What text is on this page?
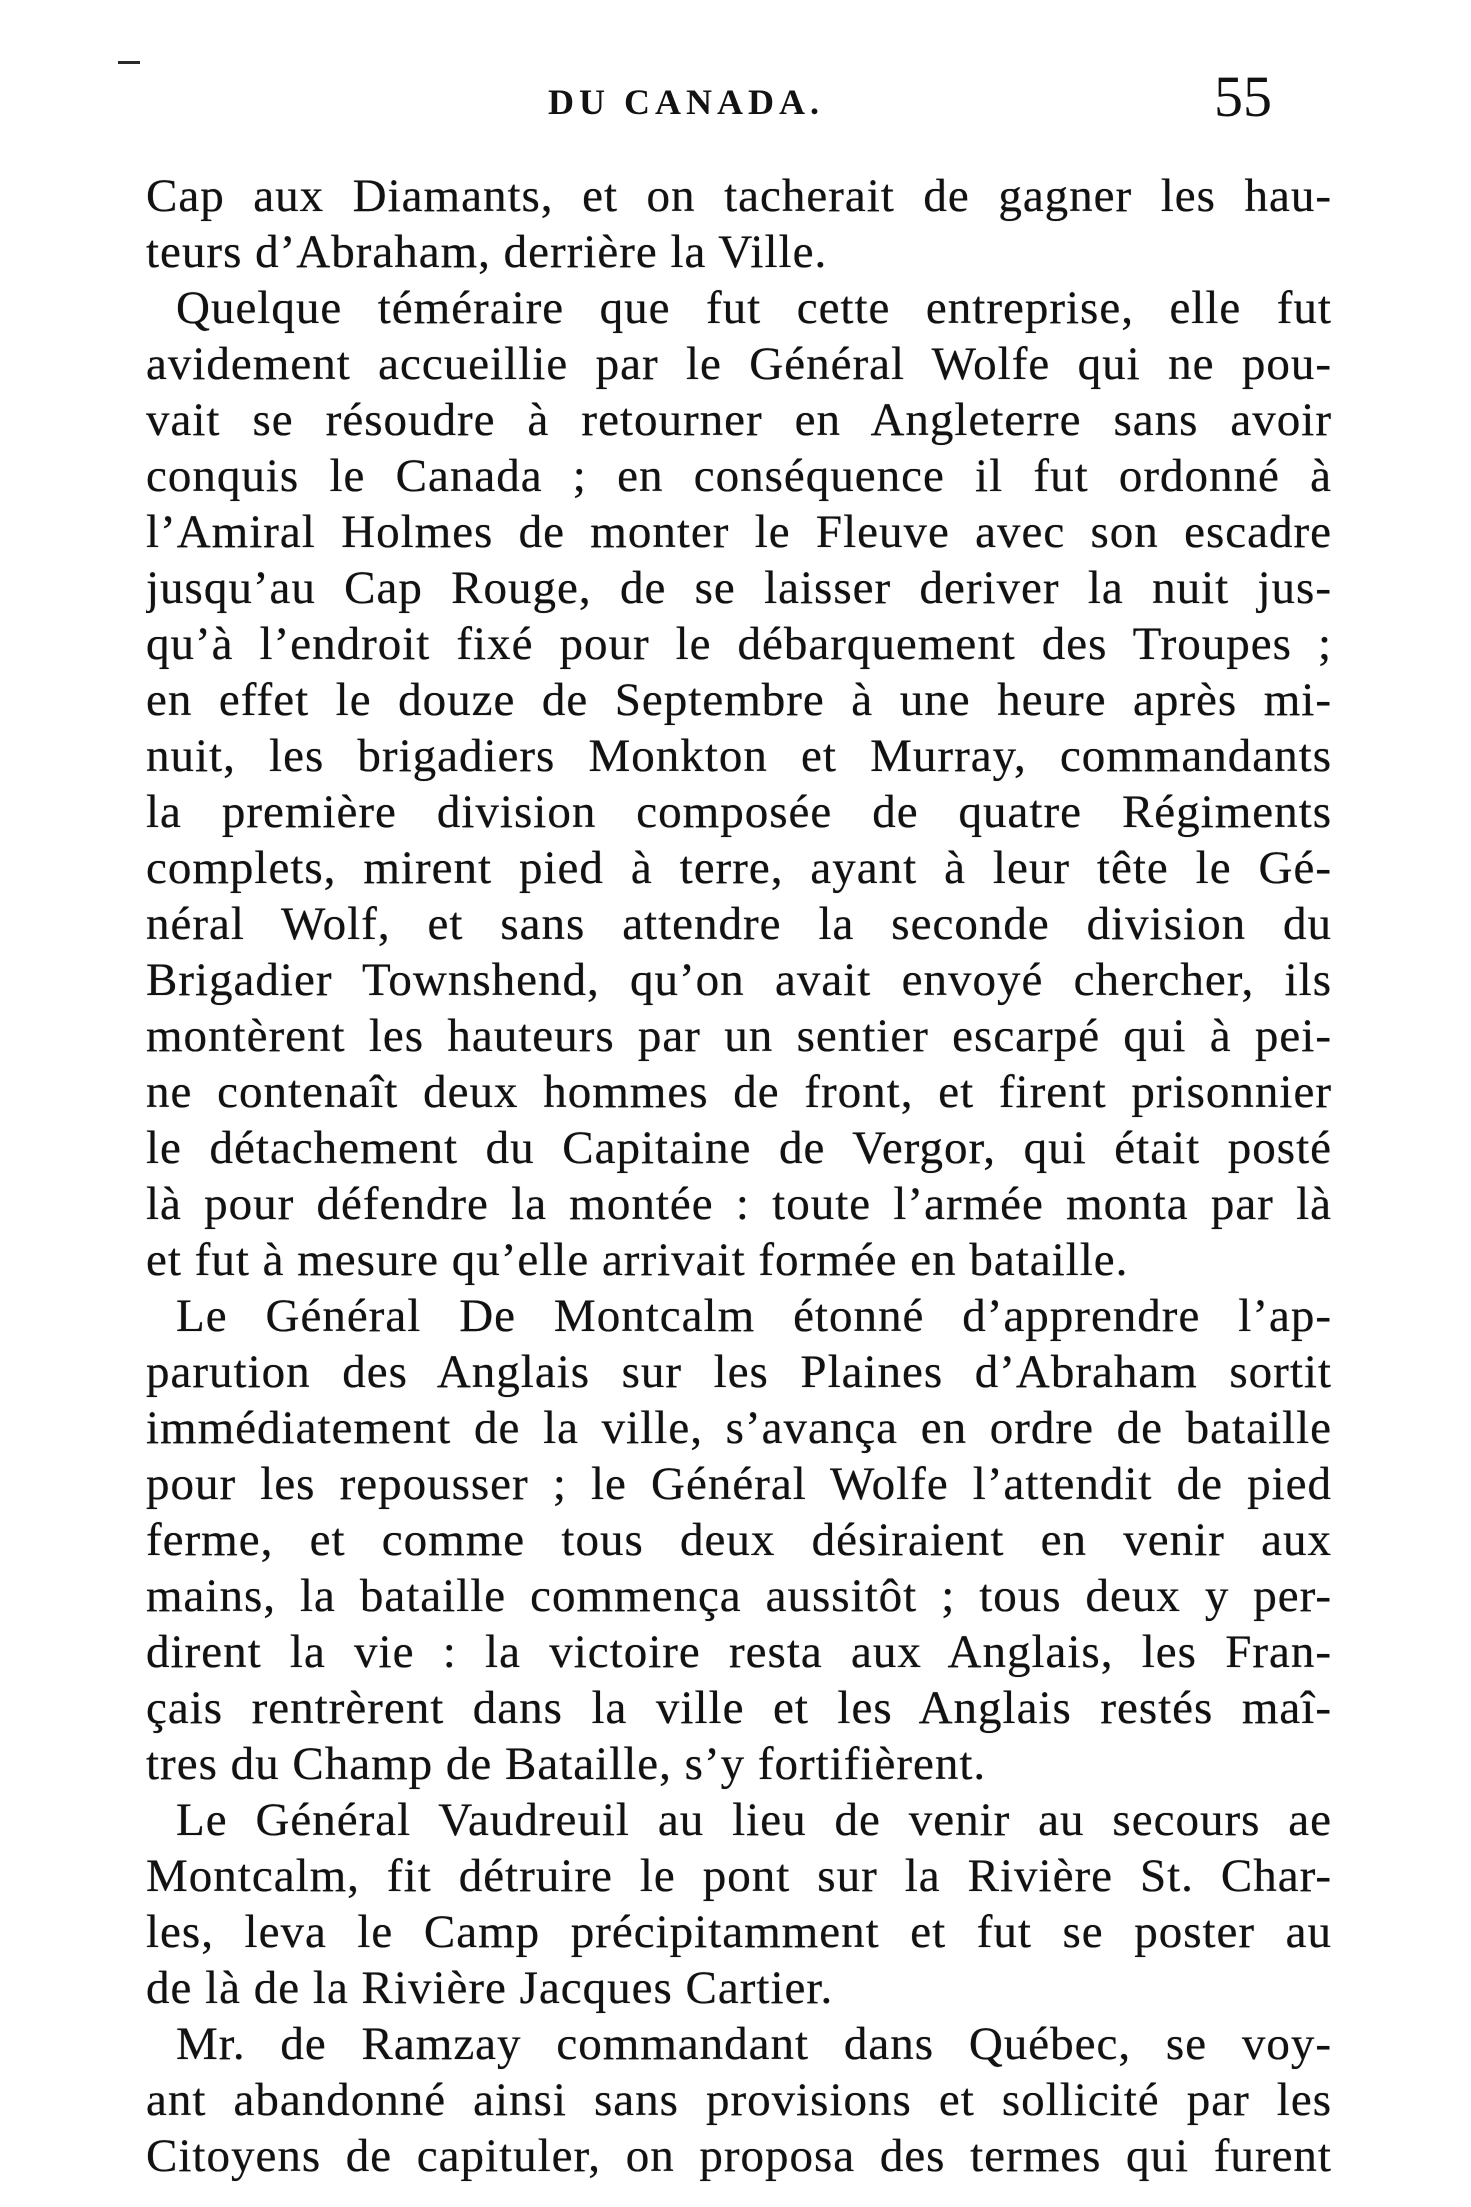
DU CANADA.	55
Cap aux Diamants, et on tacherait de gagner les hau-
teurs d’Abraham, derrière la Ville.
Quelque téméraire que fut cette entreprise, elle fut
avidement accueillie par le Général Wolfe qui ne pou-
vait se résoudre à retourner en Angleterre sans avoir
conquis le Canada ; en conséquence il fut ordonné à
l’Amiral Holmes de monter le Fleuve avec son escadre
jusqu’au Cap Rouge, de se laisser deriver la nuit jus-
qu’à l’endroit fixé pour le débarquement des Troupes ;
en effet le douze de Septembre à une heure après mi-
nuit, les brigadiers Monkton et Murray, commandants
la première division composée de quatre Régiments
complets, mirent pied à terre, ayant à leur tête le Gé-
néral Wolf, et sans attendre la seconde division du
Brigadier Townshend, qu’on avait envoyé chercher, ils
montèrent les hauteurs par un sentier escarpé qui à pei-
ne contenaît deux hommes de front, et firent prisonnier
le détachement du Capitaine de Vergor, qui était posté
là pour défendre la montée : toute l’armée monta par là
et fut à mesure qu’elle arrivait formée en bataille.
Le Général De Montcalm étonné d’apprendre l’ap-
parution des Anglais sur les Plaines d’Abraham sortit
immédiatement de la ville, s’avança en ordre de bataille
pour les repousser ; le Général Wolfe l’attendit de pied
ferme, et comme tous deux désiraient en venir aux
mains, la bataille commença aussitôt ; tous deux y per-
dirent la vie : la victoire resta aux Anglais, les Fran-
çais rentrèrent dans la ville et les Anglais restés maî-
tres du Champ de Bataille, s’y fortifièrent.
Le Général Vaudreuil au lieu de venir au secours ae
Montcalm, fit détruire le pont sur la Rivière St. Char-
les, leva le Camp précipitamment et fut se poster au
de là de la Rivière Jacques Cartier.
Mr. de Ramzay commandant dans Québec, se voy-
ant abandonné ainsi sans provisions et sollicité par les
Citoyens de capituler, on proposa des termes qui furent
